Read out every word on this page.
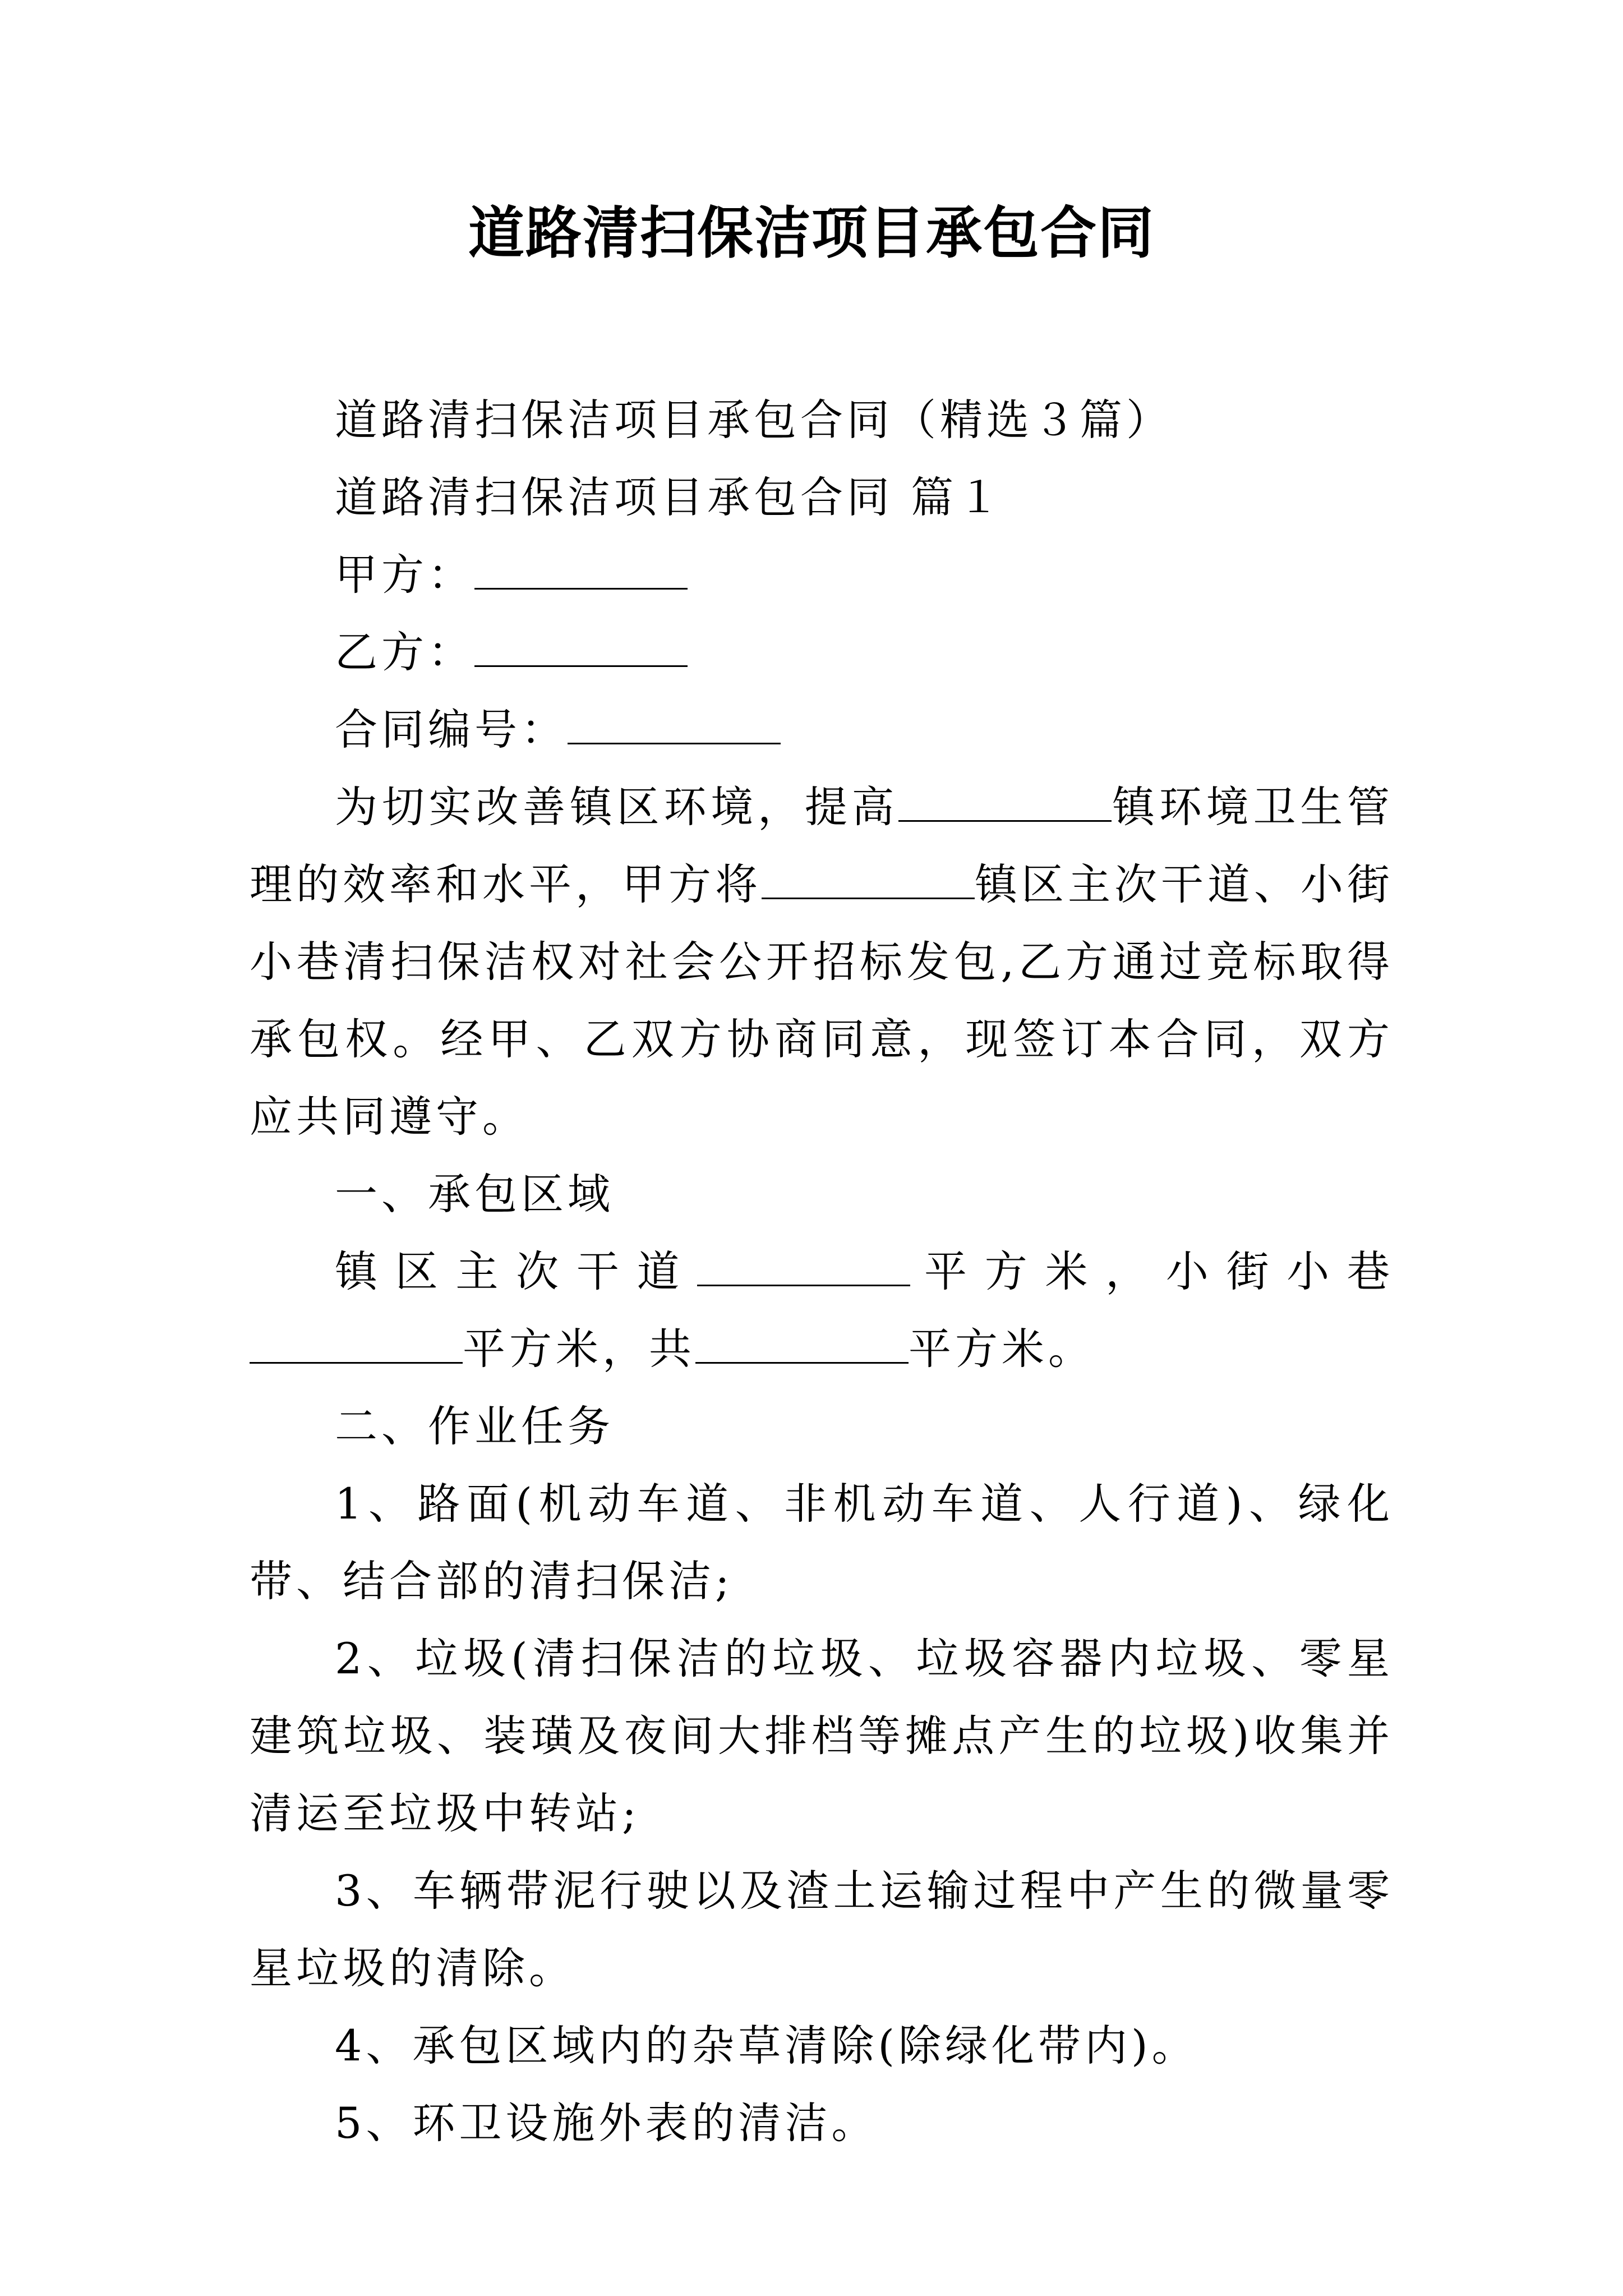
道路清扫保洁项目承包合同

道路清扫保洁项目承包合同（精选３篇）

道路清扫保洁项目承包合同 篇１

甲方：

乙方：

合同编号：

为切实改善镇区环境，提高	镇环境卫生管理的效率和水平，甲方将	镇区主次干道、小街小巷清扫保洁权对社会公开招标发包,乙方通过竞标取得承包权。经甲、乙双方协商同意，现签订本合同，双方应共同遵守。

一、承包区域

镇区主次干道	平方米，小街小巷平方米，共	平方米。

二、作业任务

1、路面(机动车道、非机动车道、人行道)、绿化带、结合部的清扫保洁;

2、垃圾(清扫保洁的垃圾、垃圾容器内垃圾、零星建筑垃圾、装璜及夜间大排档等摊点产生的垃圾)收集并清运至垃圾中转站;

3、车辆带泥行驶以及渣土运输过程中产生的微量零星垃圾的清除。

4、承包区域内的杂草清除(除绿化带内)。

5、环卫设施外表的清洁。
